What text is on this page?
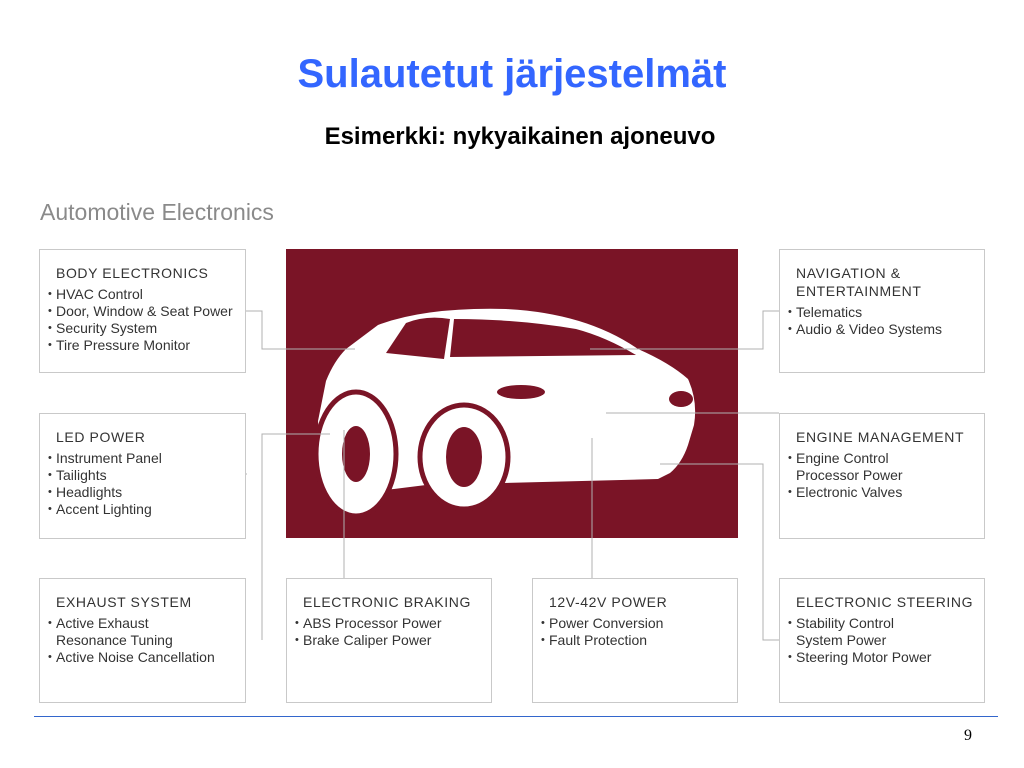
Sulautetut järjestelmät
Esimerkki: nykyaikainen ajoneuvo
Automotive Electronics
BODY ELECTRONICS
• HVAC Control
• Door, Window & Seat Power
• Security System
• Tire Pressure Monitor
NAVIGATION &
ENTERTAINMENT
• Telematics
• Audio & Video Systems
LED POWER
• Instrument Panel
• Tailights
• Headlights
• Accent Lighting
ENGINE MANAGEMENT
• Engine Control
Processor Power
• Electronic Valves
EXHAUST SYSTEM
• Active Exhaust
Resonance Tuning
• Active Noise Cancellation
ELECTRONIC BRAKING
• ABS Processor Power
• Brake Caliper Power
12V-42V POWER
• Power Conversion
• Fault Protection
ELECTRONIC STEERING
• Stability Control
System Power
• Steering Motor Power
9
